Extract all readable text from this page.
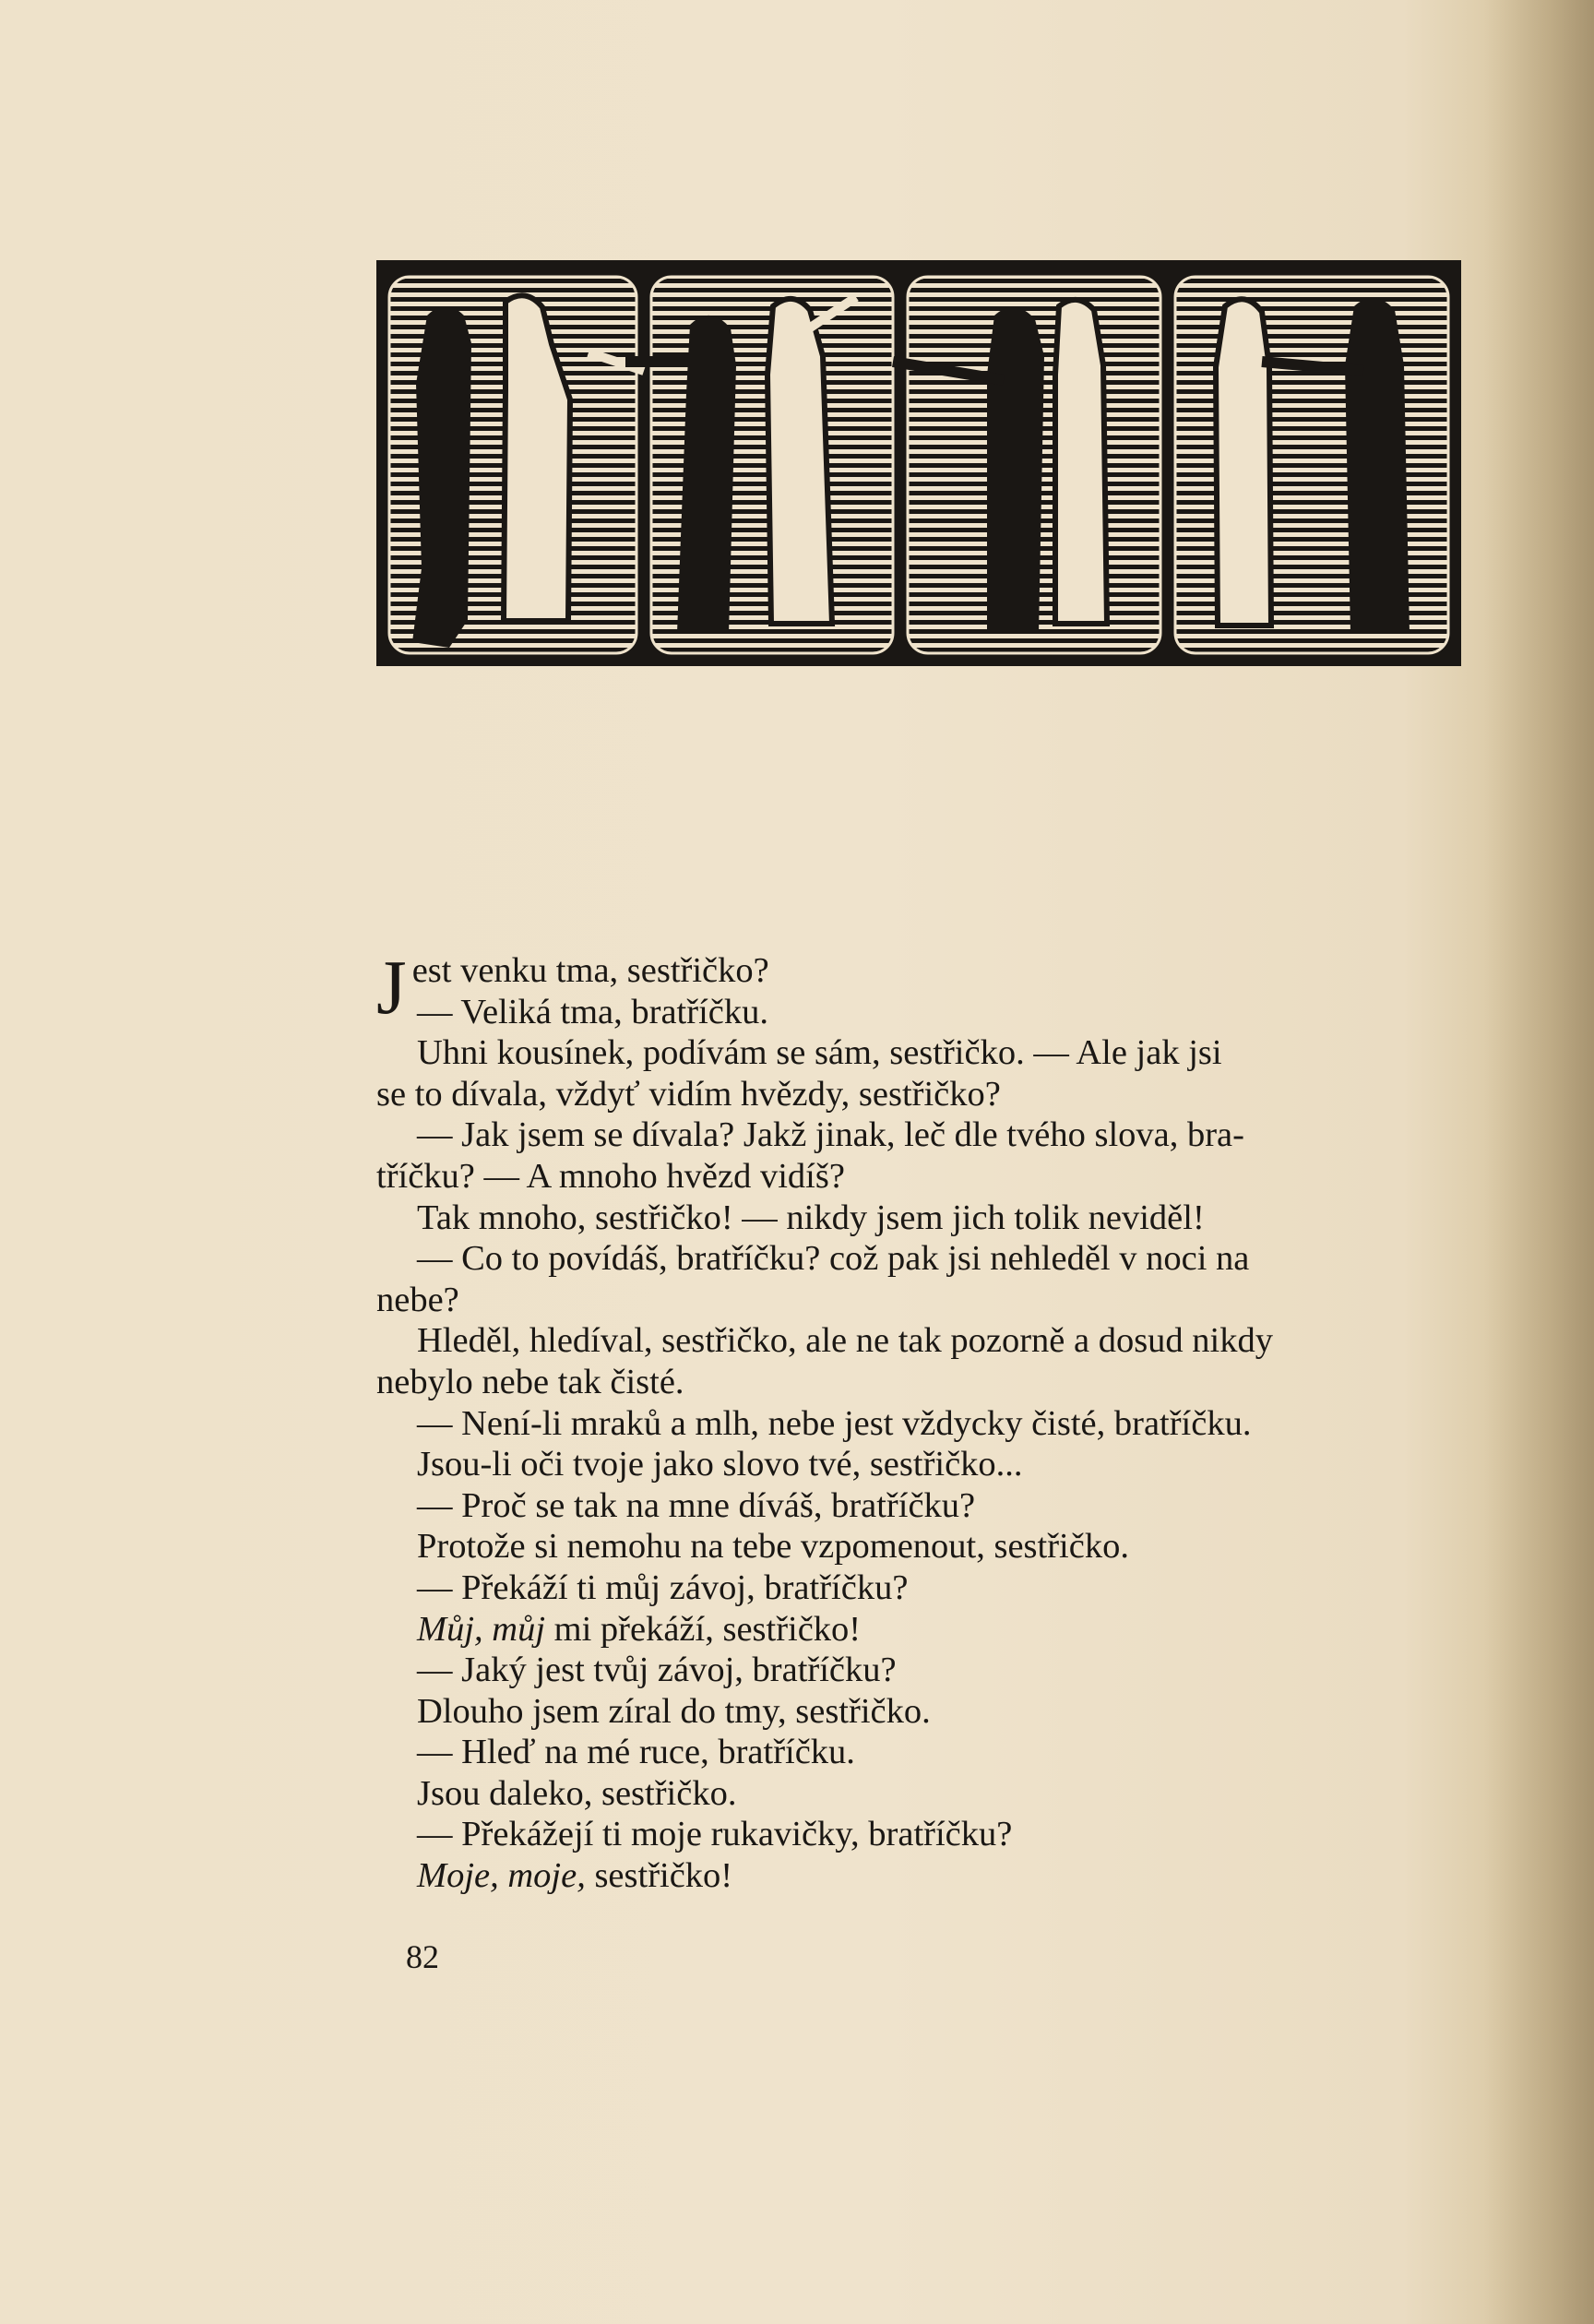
Jest venku tma, sestřičko?
— Veliká tma, bratříčku.
Uhni kousínek, podívám se sám, sestřičko. — Ale jak jsi
se to dívala, vždyť vidím hvězdy, sestřičko?
— Jak jsem se dívala? Jakž jinak, leč dle tvého slova, bra-
tříčku? — A mnoho hvězd vidíš?
Tak mnoho, sestřičko! — nikdy jsem jich tolik neviděl!
— Co to povídáš, bratříčku? což pak jsi nehleděl v noci na
nebe?
Hleděl, hledíval, sestřičko, ale ne tak pozorně a dosud nikdy
nebylo nebe tak čisté.
— Není-li mraků a mlh, nebe jest vždycky čisté, bratříčku.
Jsou-li oči tvoje jako slovo tvé, sestřičko...
— Proč se tak na mne díváš, bratříčku?
Protože si nemohu na tebe vzpomenout, sestřičko.
— Překáží ti můj závoj, bratříčku?
Můj, můj mi překáží, sestřičko!
— Jaký jest tvůj závoj, bratříčku?
Dlouho jsem zíral do tmy, sestřičko.
— Hleď na mé ruce, bratříčku.
Jsou daleko, sestřičko.
— Překážejí ti moje rukavičky, bratříčku?
Moje, moje, sestřičko!
82
